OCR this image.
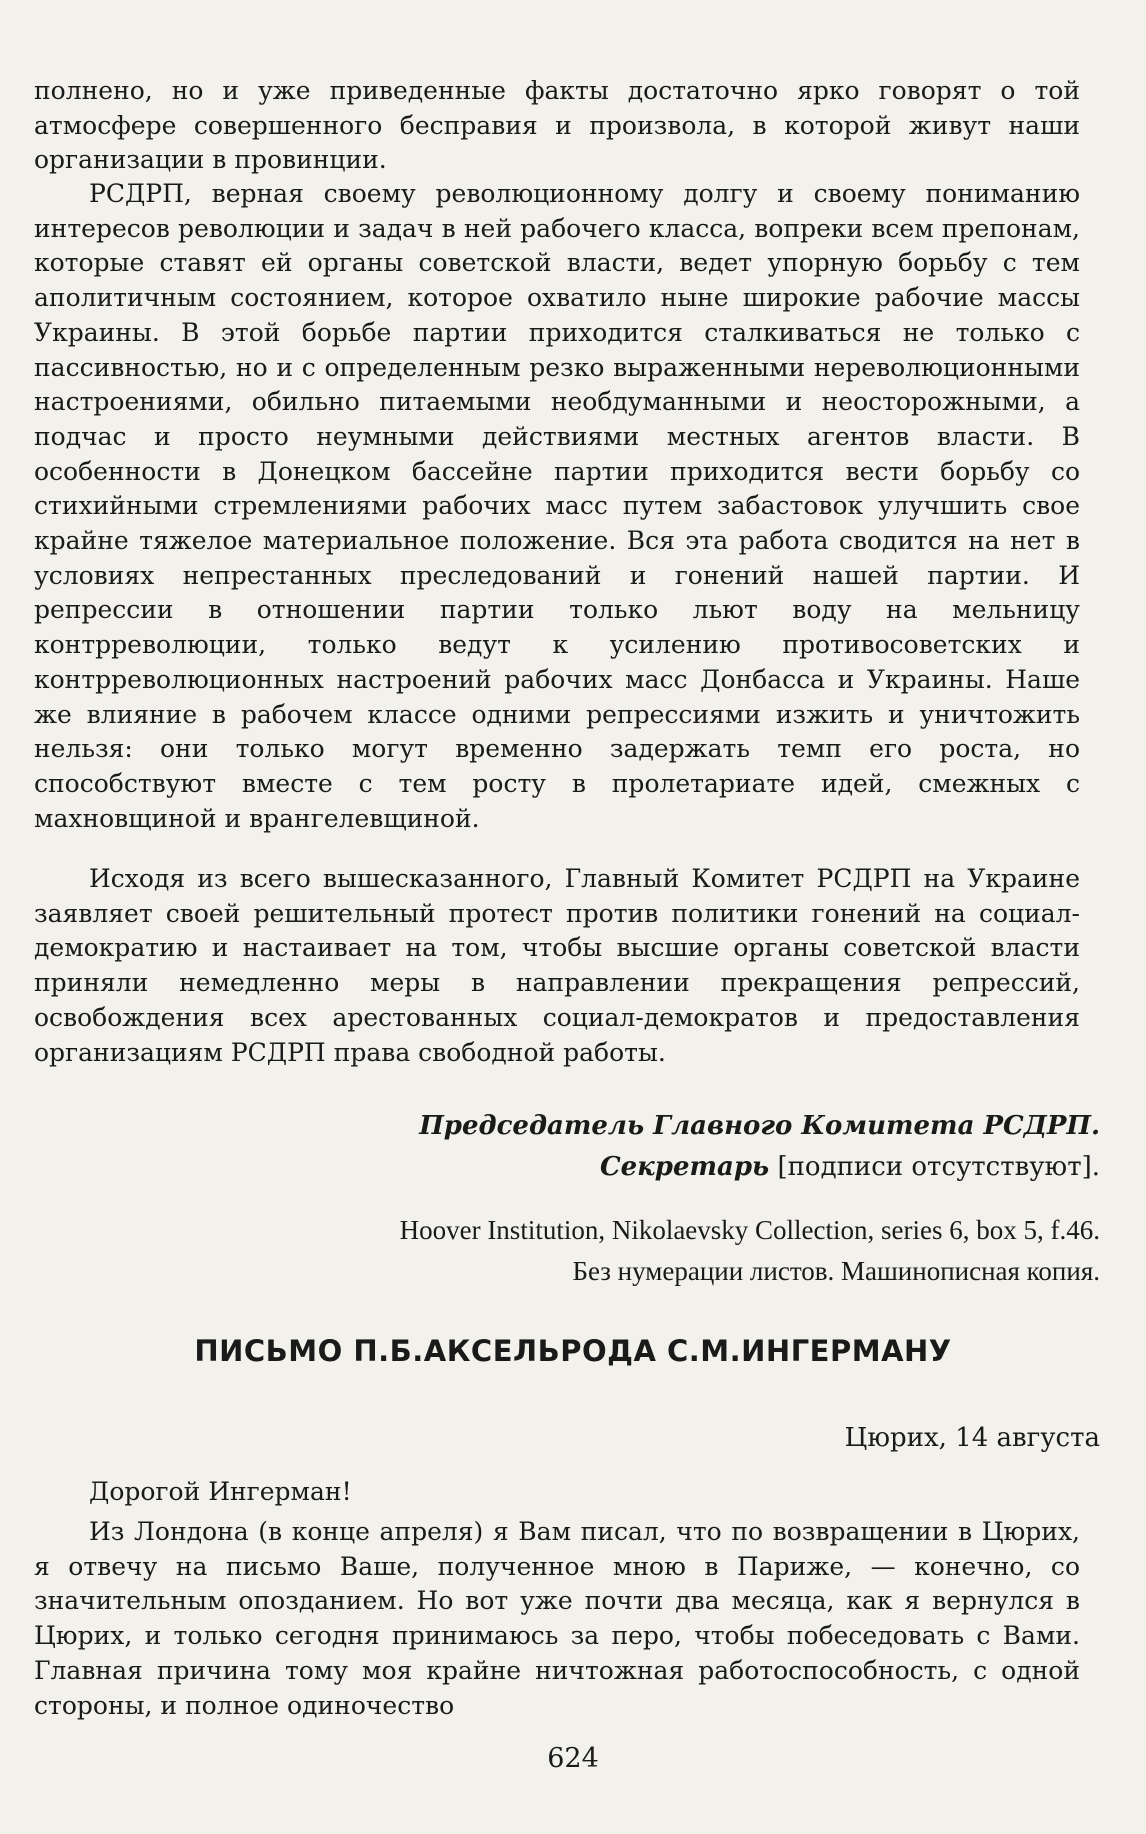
полнено, но и уже приведенные факты достаточно ярко говорят о той атмосфере совершенного бесправия и произвола, в которой живут наши организации в провинции.

РСДРП, верная своему революционному долгу и своему пониманию интересов революции и задач в ней рабочего класса, вопреки всем препонам, которые ставят ей органы советской власти, ведет упорную борьбу с тем аполитичным состоянием, которое охватило ныне широкие рабочие массы Украины. В этой борьбе партии приходится сталкиваться не только с пассивностью, но и с определенным резко выраженными нереволюционными настроениями, обильно питаемыми необдуманными и неосторожными, а подчас и просто неумными действиями местных агентов власти. В особенности в Донецком бассейне партии приходится вести борьбу со стихийными стремлениями рабочих масс путем забастовок улучшить свое крайне тяжелое материальное положение. Вся эта работа сводится на нет в условиях непрестанных преследований и гонений нашей партии. И репрессии в отношении партии только льют воду на мельницу контрреволюции, только ведут к усилению противосоветских и контрреволюционных настроений рабочих масс Донбасса и Украины. Наше же влияние в рабочем классе одними репрессиями изжить и уничтожить нельзя: они только могут временно задержать темп его роста, но способствуют вместе с тем росту в пролетариате идей, смежных с махновщиной и врангелевщиной.

Исходя из всего вышесказанного, Главный Комитет РСДРП на Украине заявляет своей решительный протест против политики гонений на социал-демократию и настаивает на том, чтобы высшие органы советской власти приняли немедленно меры в направлении прекращения репрессий, освобождения всех арестованных социал-демократов и предоставления организациям РСДРП права свободной работы.

Председатель Главного Комитета РСДРП.
Секретарь [подписи отсутствуют].
Hoover Institution, Nikolaevsky Collection, series 6, box 5, f.46.
Без нумерации листов. Машинописная копия.
ПИСЬМО П.Б.АКСЕЛЬРОДА С.М.ИНГЕРМАНУ
Цюрих, 14 августа
Дорогой Ингерман!

Из Лондона (в конце апреля) я Вам писал, что по возвращении в Цюрих, я отвечу на письмо Ваше, полученное мною в Париже, — конечно, со значительным опозданием. Но вот уже почти два месяца, как я вернулся в Цюрих, и только сегодня принимаюсь за перо, чтобы побеседовать с Вами. Главная причина тому моя крайне ничтожная работоспособность, с одной стороны, и полное одиночество

624
